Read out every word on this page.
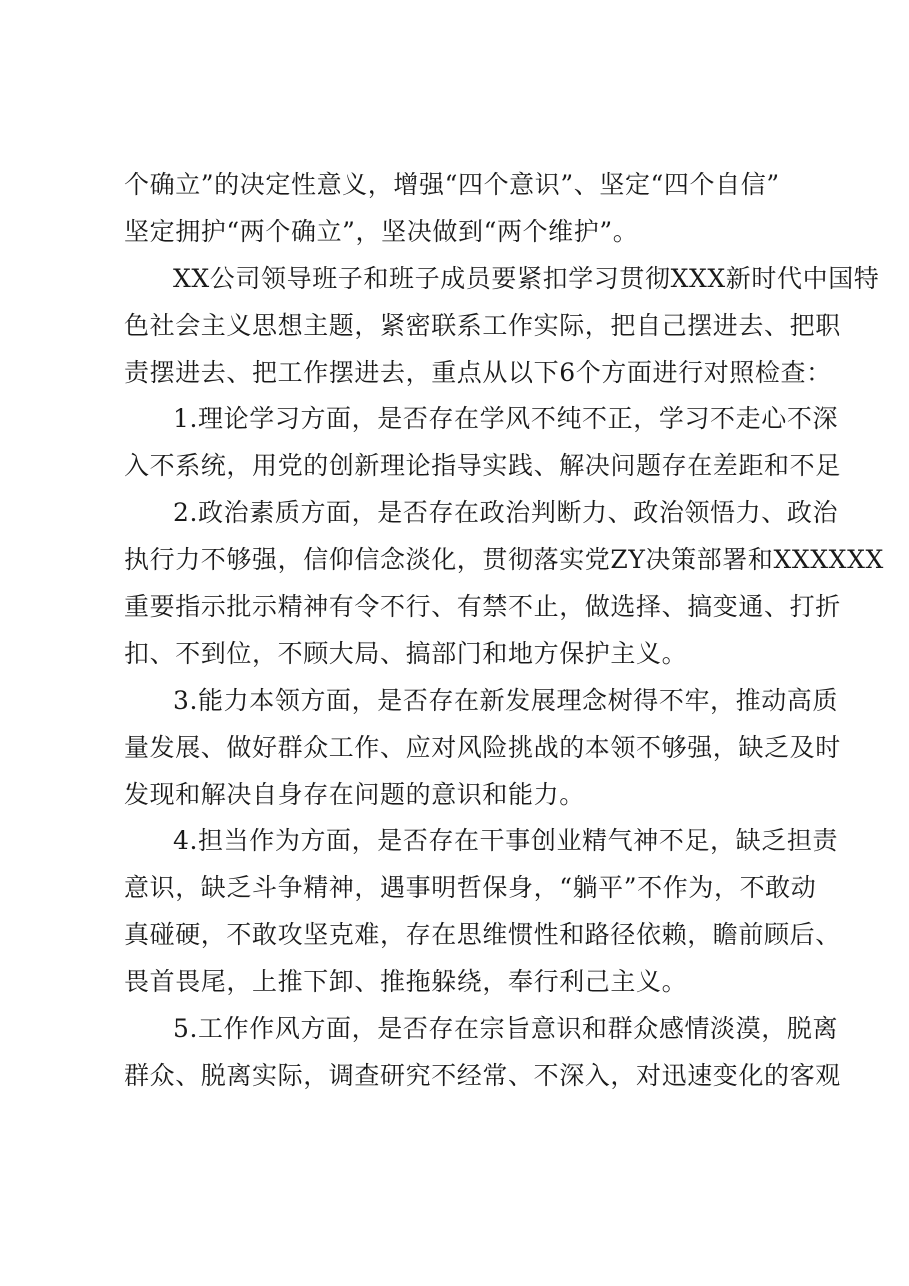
个确立”的决定性意义，增强“四个意识”、坚定“四个自信”
坚定拥护“两个确立”，坚决做到“两个维护”。
XX公司领导班子和班子成员要紧扣学习贯彻XXX新时代中国特
色社会主义思想主题，紧密联系工作实际，把自己摆进去、把职
责摆进去、把工作摆进去，重点从以下6个方面进行对照检查：
1.理论学习方面，是否存在学风不纯不正，学习不走心不深
入不系统，用党的创新理论指导实践、解决问题存在差距和不足
2.政治素质方面，是否存在政治判断力、政治领悟力、政治
执行力不够强，信仰信念淡化，贯彻落实党ZY决策部署和XXXXXX
重要指示批示精神有令不行、有禁不止，做选择、搞变通、打折
扣、不到位，不顾大局、搞部门和地方保护主义。
3.能力本领方面，是否存在新发展理念树得不牢，推动高质
量发展、做好群众工作、应对风险挑战的本领不够强，缺乏及时
发现和解决自身存在问题的意识和能力。
4.担当作为方面，是否存在干事创业精气神不足，缺乏担责
意识，缺乏斗争精神，遇事明哲保身，“躺平”不作为，不敢动
真碰硬，不敢攻坚克难，存在思维惯性和路径依赖，瞻前顾后、
畏首畏尾，上推下卸、推拖躲绕，奉行利己主义。
5.工作作风方面，是否存在宗旨意识和群众感情淡漠，脱离
群众、脱离实际，调查研究不经常、不深入，对迅速变化的客观
